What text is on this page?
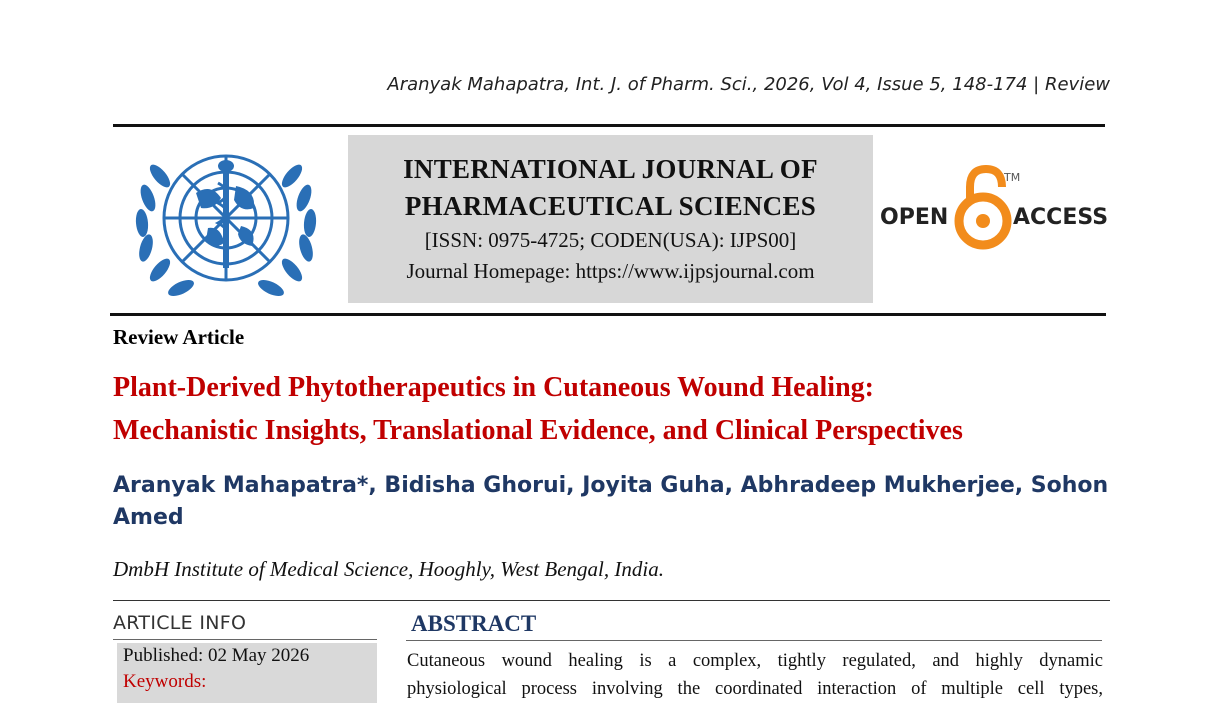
Aranyak Mahapatra, Int. J. of Pharm. Sci., 2026, Vol 4, Issue 5, 148-174 | Review
INTERNATIONAL JOURNAL OF
PHARMACEUTICAL SCIENCES
[ISSN: 0975-4725; CODEN(USA): IJPS00]
Journal Homepage: https://www.ijpsjournal.com
OPEN
TM
ACCESS
Review Article
Plant-Derived Phytotherapeutics in Cutaneous Wound Healing:
Mechanistic Insights, Translational Evidence, and Clinical Perspectives
Aranyak Mahapatra*, Bidisha Ghorui, Joyita Guha, Abhradeep Mukherjee, Sohon Amed
DmbH Institute of Medical Science, Hooghly, West Bengal, India.
ARTICLE INFO
Published: 02 May 2026
Keywords:
ABSTRACT
Cutaneous wound healing is a complex, tightly regulated, and highly dynamic
physiological process involving the coordinated interaction of multiple cell types,
